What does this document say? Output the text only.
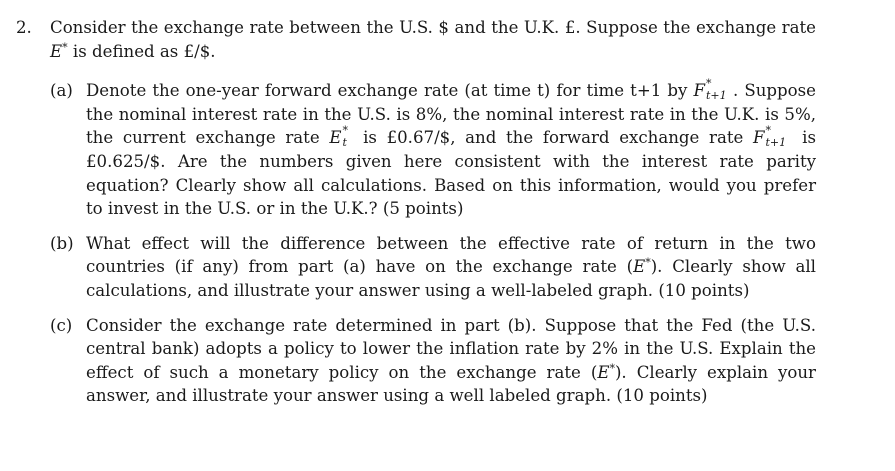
2. Consider the exchange rate between the U.S. $ and the U.K. £. Suppose the exchange rate E* is defined as £/$.
(a) Denote the one-year forward exchange rate (at time t) for time t+1 by F *
t+1 . Suppose the nominal interest rate in the U.S. is 8%, the nominal interest rate in the U.K. is 5%, the current exchange rate E *
t is £0.67/$, and the forward exchange rate F *
t+1 is £0.625/$. Are the numbers given here consistent with the interest rate parity equation? Clearly show all calculations. Based on this information, would you prefer to invest in the U.S. or in the U.K.? (5 points)
(b) What effect will the difference between the effective rate of return in the two countries (if any) from part (a) have on the exchange rate (E*). Clearly show all calculations, and illustrate your answer using a well-labeled graph. (10 points)
(c) Consider the exchange rate determined in part (b). Suppose that the Fed (the U.S. central bank) adopts a policy to lower the inflation rate by 2% in the U.S. Explain the effect of such a monetary policy on the exchange rate (E*). Clearly explain your answer, and illustrate your answer using a well labeled graph. (10 points)
